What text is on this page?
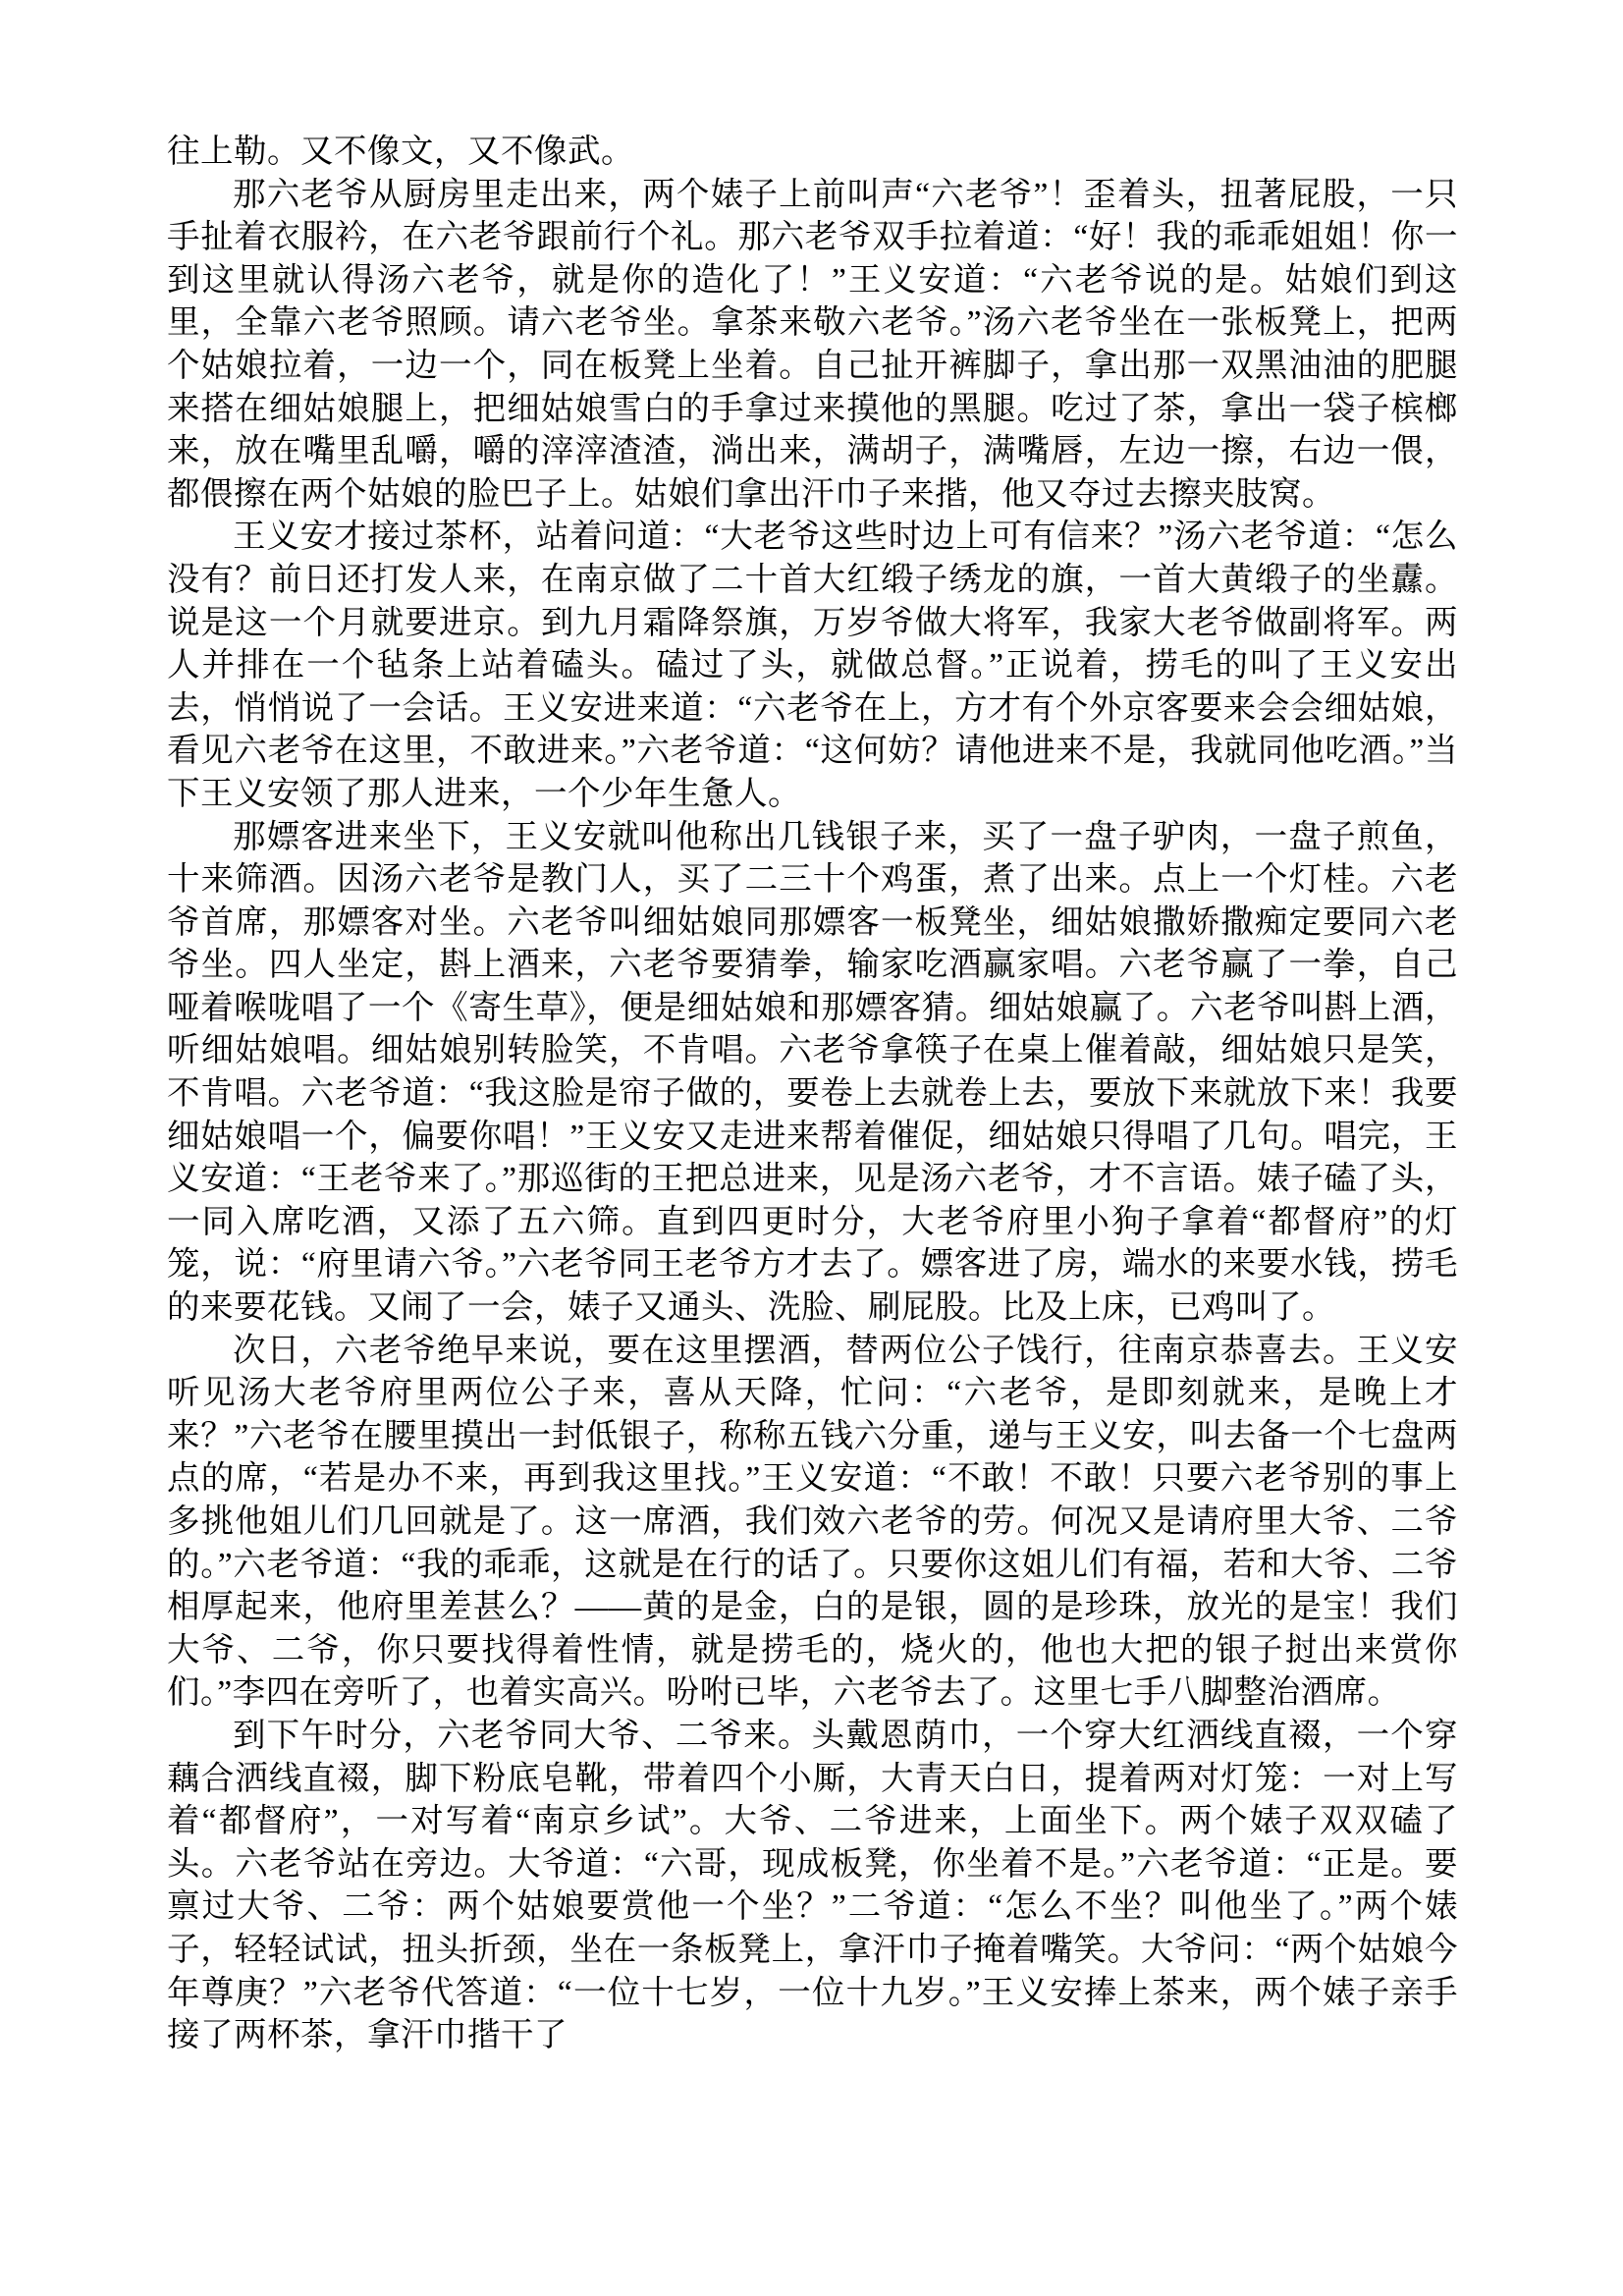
往上勒。又不像文，又不像武。

那六老爷从厨房里走出来，两个婊子上前叫声“六老爷”！歪着头，扭著屁股，一只手扯着衣服衿，在六老爷跟前行个礼。那六老爷双手拉着道：“好！我的乖乖姐姐！你一到这里就认得汤六老爷，就是你的造化了！”王义安道：“六老爷说的是。姑娘们到这里，全靠六老爷照顾。请六老爷坐。拿茶来敬六老爷。”汤六老爷坐在一张板凳上，把两个姑娘拉着，一边一个，同在板凳上坐着。自己扯开裤脚子，拿出那一双黑油油的肥腿来搭在细姑娘腿上，把细姑娘雪白的手拿过来摸他的黑腿。吃过了茶，拿出一袋子槟榔来，放在嘴里乱嚼，嚼的滓滓渣渣，淌出来，满胡子，满嘴唇，左边一擦，右边一偎，都偎擦在两个姑娘的脸巴子上。姑娘们拿出汗巾子来揩，他又夺过去擦夹肢窝。

王义安才接过茶杯，站着问道：“大老爷这些时边上可有信来？”汤六老爷道：“怎么没有？前日还打发人来，在南京做了二十首大红缎子绣龙的旗，一首大黄缎子的坐纛。说是这一个月就要进京。到九月霜降祭旗，万岁爷做大将军，我家大老爷做副将军。两人并排在一个毡条上站着磕头。磕过了头，就做总督。”正说着，捞毛的叫了王义安出去，悄悄说了一会话。王义安进来道：“六老爷在上，方才有个外京客要来会会细姑娘，看见六老爷在这里，不敢进来。”六老爷道：“这何妨？请他进来不是，我就同他吃酒。”当下王义安领了那人进来，一个少年生惫人。

那嫖客进来坐下，王义安就叫他称出几钱银子来，买了一盘子驴肉，一盘子煎鱼，十来筛酒。因汤六老爷是教门人，买了二三十个鸡蛋，煮了出来。点上一个灯桂。六老爷首席，那嫖客对坐。六老爷叫细姑娘同那嫖客一板凳坐，细姑娘撒娇撒痴定要同六老爷坐。四人坐定，斟上酒来，六老爷要猜拳，输家吃酒赢家唱。六老爷赢了一拳，自己哑着喉咙唱了一个《寄生草》，便是细姑娘和那嫖客猜。细姑娘赢了。六老爷叫斟上酒，听细姑娘唱。细姑娘别转脸笑，不肯唱。六老爷拿筷子在桌上催着敲，细姑娘只是笑，不肯唱。六老爷道：“我这脸是帘子做的，要卷上去就卷上去，要放下来就放下来！我要细姑娘唱一个，偏要你唱！”王义安又走进来帮着催促，细姑娘只得唱了几句。唱完，王义安道：“王老爷来了。”那巡街的王把总进来，见是汤六老爷，才不言语。婊子磕了头，一同入席吃酒，又添了五六筛。直到四更时分，大老爷府里小狗子拿着“都督府”的灯笼，说：“府里请六爷。”六老爷同王老爷方才去了。嫖客进了房，端水的来要水钱，捞毛的来要花钱。又闹了一会，婊子又通头、洗脸、刷屁股。比及上床，已鸡叫了。

次日，六老爷绝早来说，要在这里摆酒，替两位公子饯行，往南京恭喜去。王义安听见汤大老爷府里两位公子来，喜从天降，忙问：“六老爷，是即刻就来，是晚上才来？”六老爷在腰里摸出一封低银子，称称五钱六分重，递与王义安，叫去备一个七盘两点的席，“若是办不来，再到我这里找。”王义安道：“不敢！不敢！只要六老爷别的事上多挑他姐儿们几回就是了。这一席酒，我们效六老爷的劳。何况又是请府里大爷、二爷的。”六老爷道：“我的乖乖，这就是在行的话了。只要你这姐儿们有福，若和大爷、二爷相厚起来，他府里差甚么？——黄的是金，白的是银，圆的是珍珠，放光的是宝！我们大爷、二爷，你只要找得着性情，就是捞毛的，烧火的，他也大把的银子挝出来赏你们。”李四在旁听了，也着实高兴。吩咐已毕，六老爷去了。这里七手八脚整治酒席。

到下午时分，六老爷同大爷、二爷来。头戴恩荫巾，一个穿大红洒线直裰，一个穿藕合洒线直裰，脚下粉底皂靴，带着四个小厮，大青天白日，提着两对灯笼：一对上写着“都督府”，一对写着“南京乡试”。大爷、二爷进来，上面坐下。两个婊子双双磕了头。六老爷站在旁边。大爷道：“六哥，现成板凳，你坐着不是。”六老爷道：“正是。要禀过大爷、二爷：两个姑娘要赏他一个坐？”二爷道：“怎么不坐？叫他坐了。”两个婊子，轻轻试试，扭头折颈，坐在一条板凳上，拿汗巾子掩着嘴笑。大爷问：“两个姑娘今年尊庚？”六老爷代答道：“一位十七岁，一位十九岁。”王义安捧上茶来，两个婊子亲手接了两杯茶，拿汗巾揩干了
